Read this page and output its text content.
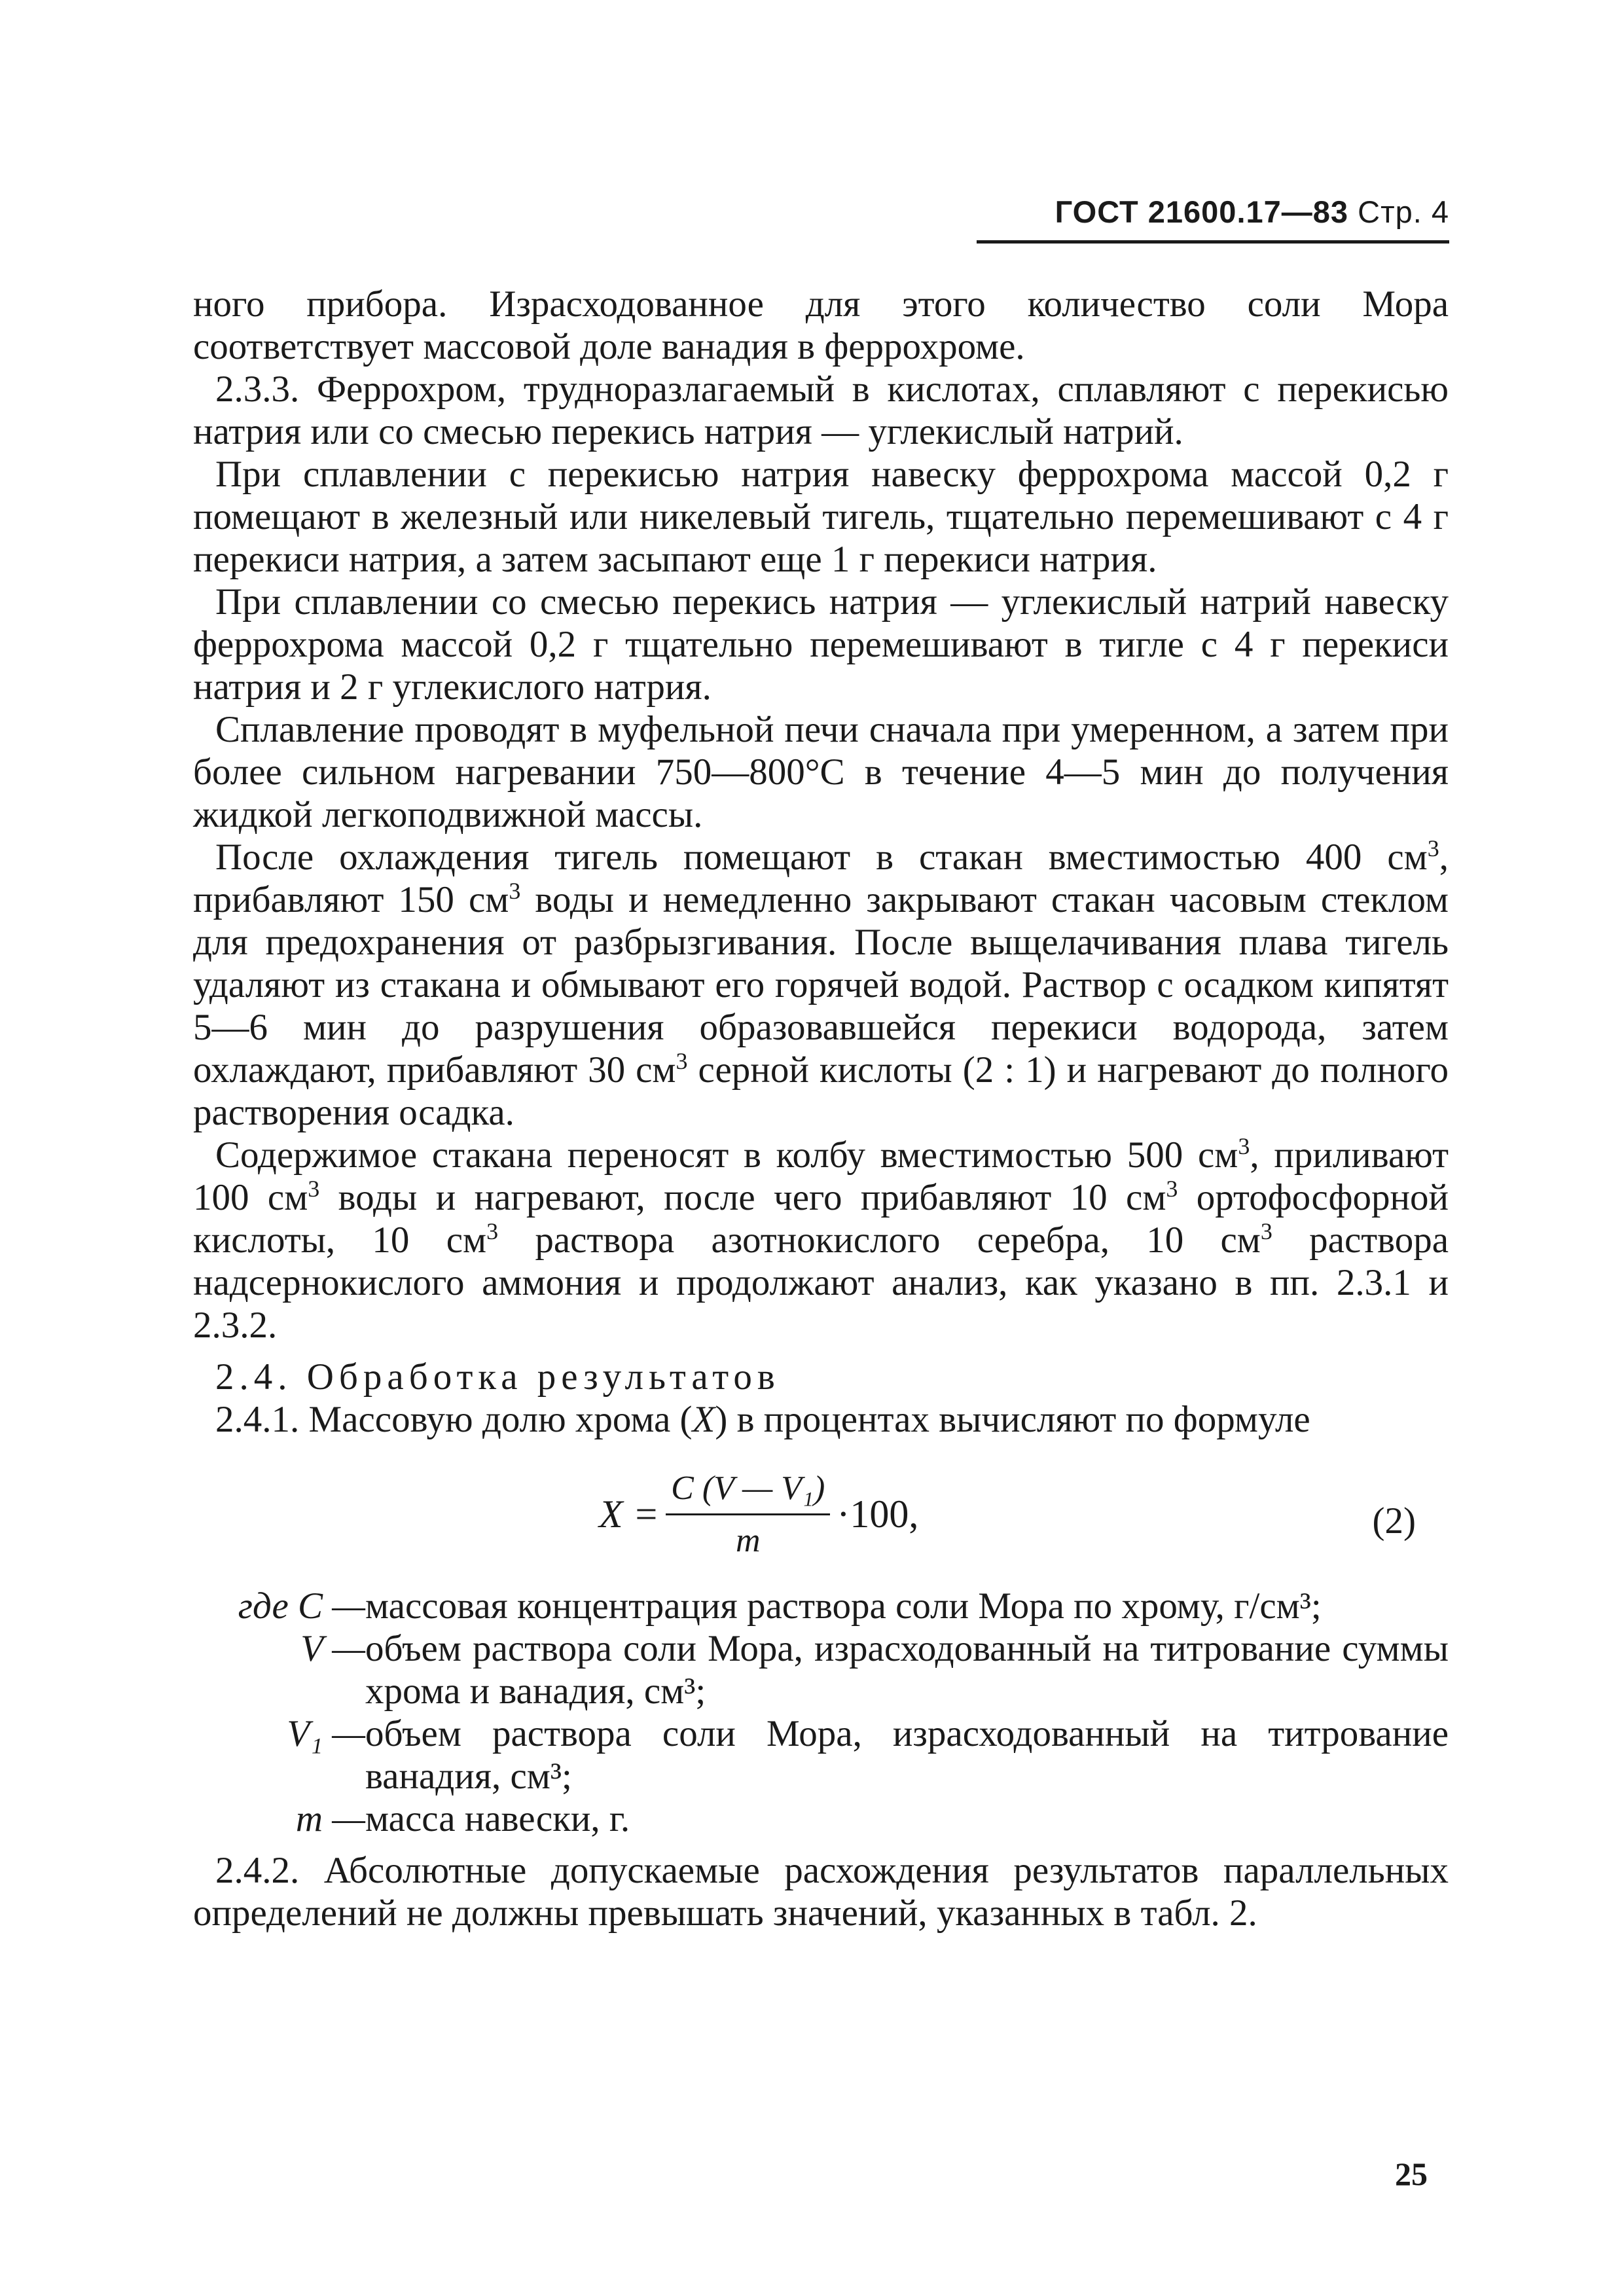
ГОСТ 21600.17—83 Стр. 4

ного прибора. Израсходованное для этого количество соли Мора соответствует массовой доле ванадия в феррохроме.

2.3.3. Феррохром, трудноразлагаемый в кислотах, сплавляют с перекисью натрия или со смесью перекись натрия — углекислый натрий.

При сплавлении с перекисью натрия навеску феррохрома массой 0,2 г помещают в железный или никелевый тигель, тщательно перемешивают с 4 г перекиси натрия, а затем засыпают еще 1 г перекиси натрия.

При сплавлении со смесью перекись натрия — углекислый натрий навеску феррохрома массой 0,2 г тщательно перемешивают в тигле с 4 г перекиси натрия и 2 г углекислого натрия.

Сплавление проводят в муфельной печи сначала при умеренном, а затем при более сильном нагревании 750—800°С в течение 4—5 мин до получения жидкой легкоподвижной массы.

После охлаждения тигель помещают в стакан вместимостью 400 $см^3$, прибавляют 150 $см^3$ воды и немедленно закрывают стакан часовым стеклом для предохранения от разбрызгивания. После выщелачивания плава тигель удаляют из стакана и обмывают его горячей водой. Раствор с осадком кипятят 5—6 мин до разрушения образовавшейся перекиси водорода, затем охлаждают, прибавляют 30 $см^3$ серной кислоты (2 : 1) и нагревают до полного растворения осадка.

Содержимое стакана переносят в колбу вместимостью 500 $см^3$, приливают 100 $см^3$ воды и нагревают, после чего прибавляют 10 $см^3$ ортофосфорной кислоты, 10 $см^3$ раствора азотнокислого серебра, 10 $см^3$ раствора надсернокислого аммония и продолжают анализ, как указано в пп. 2.3.1 и 2.3.2.

2.4. Обработка результатов

2.4.1. Массовую долю хрома (X) в процентах вычисляют по формуле

$X = \frac{\text{C (V — V₁)}}{m} \cdot 100$,	(2)
где C — массовая концентрация раствора соли Мора по хрому, г/см³;
V — объем раствора соли Мора, израсходованный на титрование суммы хрома и ванадия, см³;
V₁ — объем раствора соли Мора, израсходованный на титрование ванадия, см³;
m — масса навески, г.

2.4.2. Абсолютные допускаемые расхождения результатов параллельных определений не должны превышать значений, указанных в табл. 2.

25
